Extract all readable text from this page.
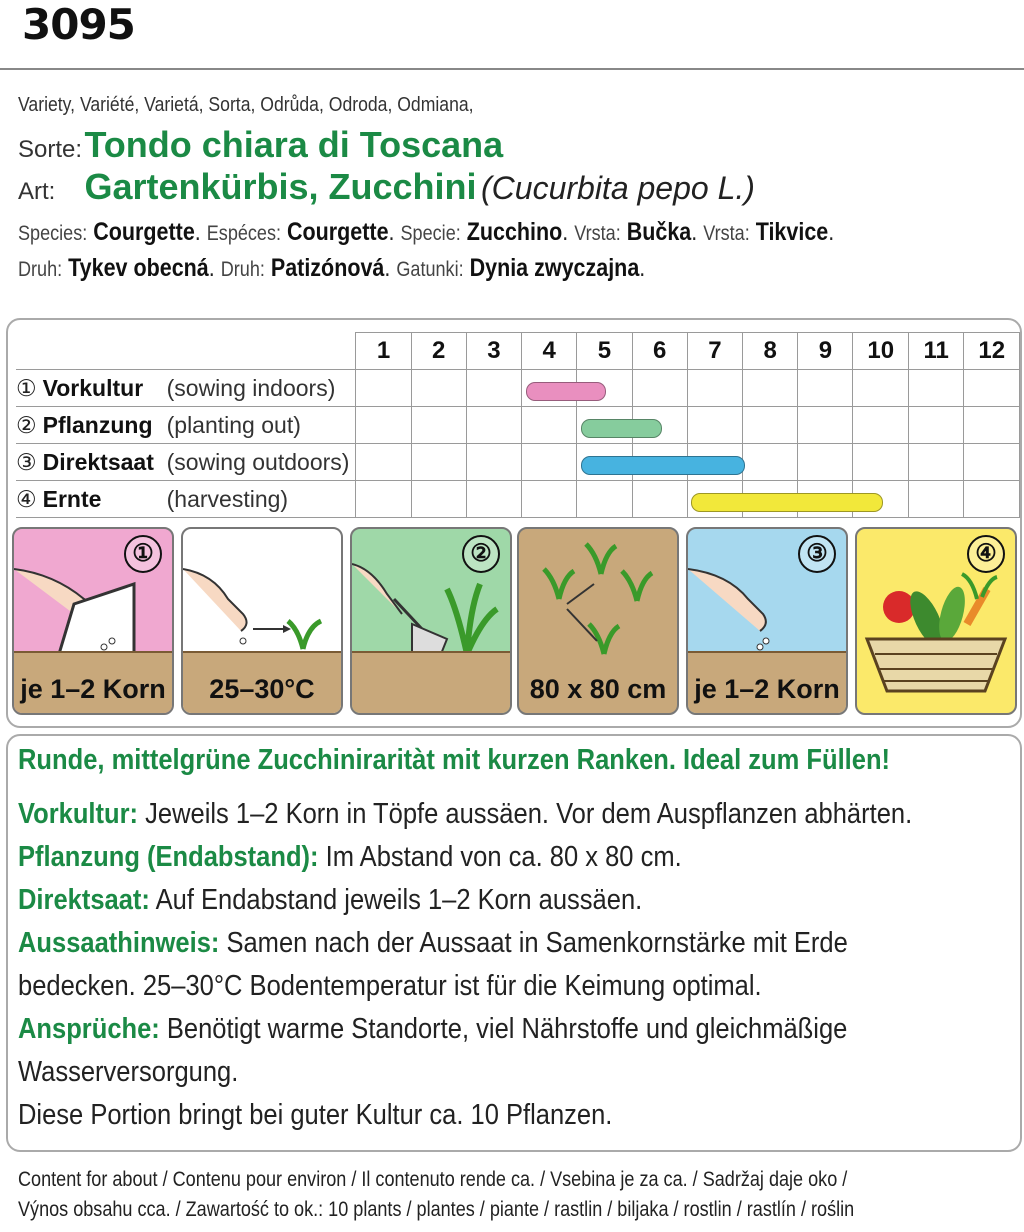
3095
Variety, Variété, Varietá, Sorta, Odrůda, Odroda, Odmiana,
Sorte: Tondo chiara di Toscana
Art: Gartenkürbis, Zucchini (Cucurbita pepo L.)
Species: Courgette. Espéces: Courgette. Specie: Zucchino. Vrsta: Bučka. Vrsta: Tikvice.
Druh: Tykev obecná. Druh: Patizónová. Gatunki: Dynia zwyczajna.
	1	2	3	4	5	6	7	8	9	10	11	12
① Vorkultur (sowing indoors)												
② Pflanzung (planting out)												
③ Direktsaat (sowing outdoors)												
④ Ernte (harvesting)												
①
je 1–2 Korn	25–30°C
②
80 x 80 cm
③
je 1–2 Korn
④
Runde, mittelgrüne Zucchiniraritàt mit kurzen Ranken. Ideal zum Füllen!
Vorkultur: Jeweils 1–2 Korn in Töpfe aussäen. Vor dem Auspflanzen abhärten.
Pflanzung (Endabstand): Im Abstand von ca. 80 x 80 cm.
Direktsaat: Auf Endabstand jeweils 1–2 Korn aussäen.
Aussaathinweis: Samen nach der Aussaat in Samenkornstärke mit Erde
bedecken. 25–30°C Bodentemperatur ist für die Keimung optimal.
Ansprüche: Benötigt warme Standorte, viel Nährstoffe und gleichmäßige
Wasserversorgung.
Diese Portion bringt bei guter Kultur ca. 10 Pflanzen.
Content for about / Contenu pour environ / Il contenuto rende ca. / Vsebina je za ca. / Sadržaj daje oko /
Výnos obsahu cca. / Zawartość to ok.: 10 plants / plantes / piante / rastlin / biljaka / rostlin / rastlín / roślin
